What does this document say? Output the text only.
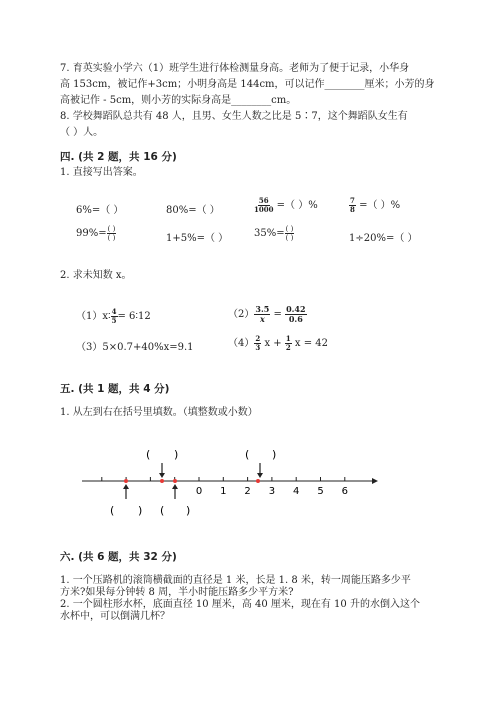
7. 育英实验小学六（1）班学生进行体检测量身高。老师为了便于记录，小华身
高 153cm，被记作+3cm；小明身高是 144cm，可以记作________厘米；小芳的身
高被记作 - 5cm，则小芳的实际身高是________cm。
8. 学校舞蹈队总共有 48 人，且男、女生人数之比是 5∶7，这个舞蹈队女生有
（ ）人。
四. (共 2 题，共 16 分)
1. 直接写出答案。
6%=（ ）	80%=（ ）	$\frac{56}{1000}$ =（ ）%	$\frac{7}{8}$ =（ ）%
$99\%= \frac{( )}{( )}$	1+5%=（ ）	$35\%= \frac{( )}{( )}$	1÷20%=（ ）
2. 求未知数 x。
（1）x∶ $\frac{4}{5}$ = 6∶12	$(2) \frac{3.5}{x} = \frac{0.42}{0.6}$
（3）5×0.7+40%x=9.1	$(4) \frac{2}{3}$ $x + \frac{1}{2}$ x = 42
五. (共 1 题，共 4 分)
1. 从左到右在括号里填数。（填整数或小数）
0 1 2 3 4 5 6
( )	( )
( ) ( )
六. (共 6 题，共 32 分)
1. 一个压路机的滚筒横截面的直径是 1 米，长是 1. 8 米，转一周能压路多少平
方米?如果每分钟转 8 周，半小时能压路多少平方米?
2. 一个圆柱形水杯，底面直径 10 厘米，高 40 厘米，现在有 10 升的水倒入这个
水杯中，可以倒满几杯？
